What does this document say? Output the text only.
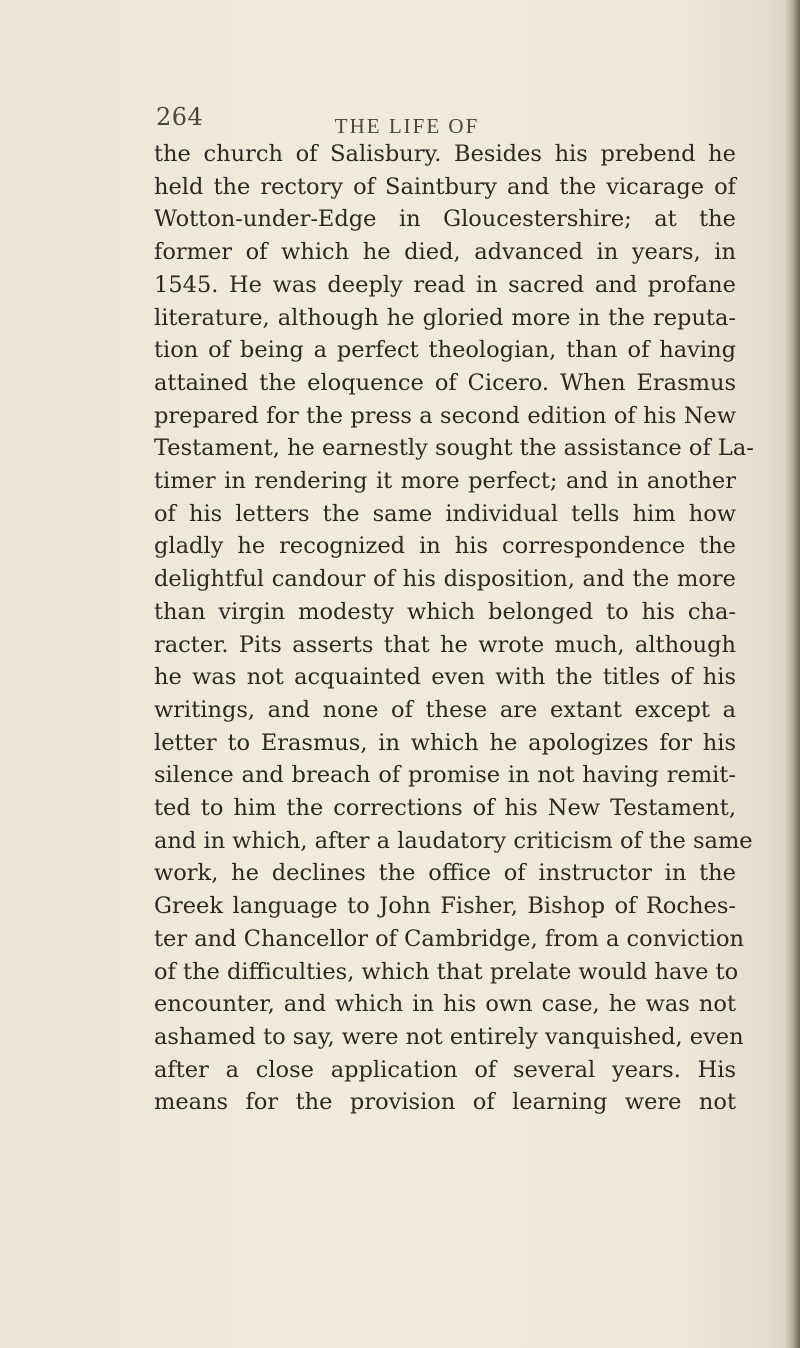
264	THE LIFE OF
the church of Salisbury. Besides his prebend he
held the rectory of Saintbury and the vicarage of
Wotton-under-Edge in Gloucestershire; at the
former of which he died, advanced in years, in
1545. He was deeply read in sacred and profane
literature, although he gloried more in the reputa-
tion of being a perfect theologian, than of having
attained the eloquence of Cicero. When Erasmus
prepared for the press a second edition of his New
Testament, he earnestly sought the assistance of La-
timer in rendering it more perfect; and in another
of his letters the same individual tells him how
gladly he recognized in his correspondence the
delightful candour of his disposition, and the more
than virgin modesty which belonged to his cha-
racter. Pits asserts that he wrote much, although
he was not acquainted even with the titles of his
writings, and none of these are extant except a
letter to Erasmus, in which he apologizes for his
silence and breach of promise in not having remit-
ted to him the corrections of his New Testament,
and in which, after a laudatory criticism of the same
work, he declines the office of instructor in the
Greek language to John Fisher, Bishop of Roches-
ter and Chancellor of Cambridge, from a conviction
of the difficulties, which that prelate would have to
encounter, and which in his own case, he was not
ashamed to say, were not entirely vanquished, even
after a close application of several years. His
means for the provision of learning were not
